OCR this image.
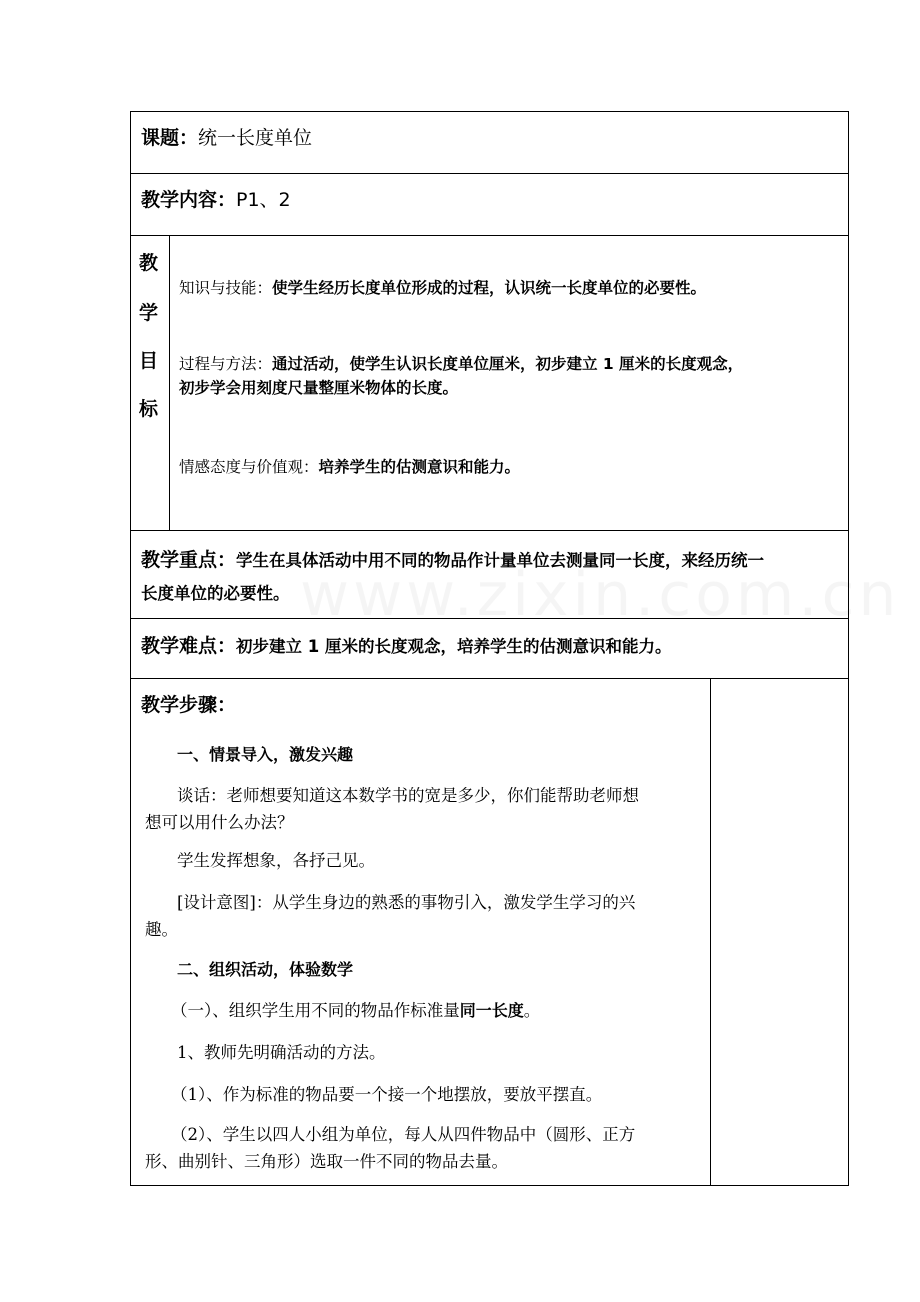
课题：统一长度单位
教学内容：P1、2
教
学
目
标
知识与技能：使学生经历长度单位形成的过程，认识统一长度单位的必要性。
过程与方法：通过活动，使学生认识长度单位厘米，初步建立 1 厘米的长度观念，
初步学会用刻度尺量整厘米物体的长度。
情感态度与价值观：培养学生的估测意识和能力。
教学重点：学生在具体活动中用不同的物品作计量单位去测量同一长度，来经历统一
长度单位的必要性。
教学难点：初步建立 1 厘米的长度观念，培养学生的估测意识和能力。
教学步骤：
一、情景导入，激发兴趣
谈话：老师想要知道这本数学书的宽是多少，你们能帮助老师想
想可以用什么办法？
学生发挥想象，各抒己见。
[设计意图]：从学生身边的熟悉的事物引入，激发学生学习的兴
趣。
二、组织活动，体验数学
（一）、组织学生用不同的物品作标准量同一长度。
1、教师先明确活动的方法。
（1）、作为标准的物品要一个接一个地摆放，要放平摆直。
（2）、学生以四人小组为单位，每人从四件物品中（圆形、正方
形、曲别针、三角形）选取一件不同的物品去量。
